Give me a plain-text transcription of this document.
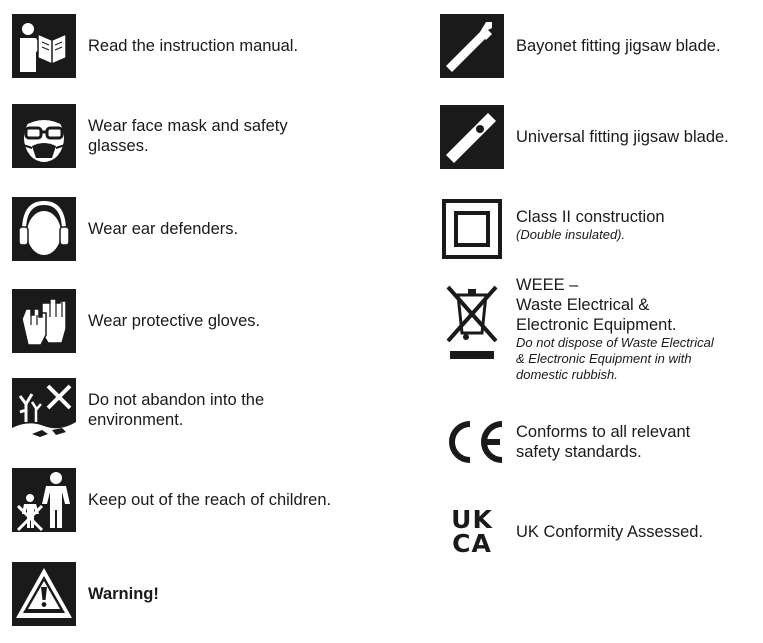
Read the instruction manual.
Wear face mask and safety
glasses.
Wear ear defenders.
Wear protective gloves.
Do not abandon into the
environment.
Keep out of the reach of children.
Warning!
Bayonet fitting jigsaw blade.
Universal fitting jigsaw blade.
Class II construction
(Double insulated).
WEEE –
Waste Electrical &
Electronic Equipment.
Do not dispose of Waste Electrical
& Electronic Equipment in with
domestic rubbish.
Conforms to all relevant
safety standards.
UK
CA UK Conformity Assessed.
